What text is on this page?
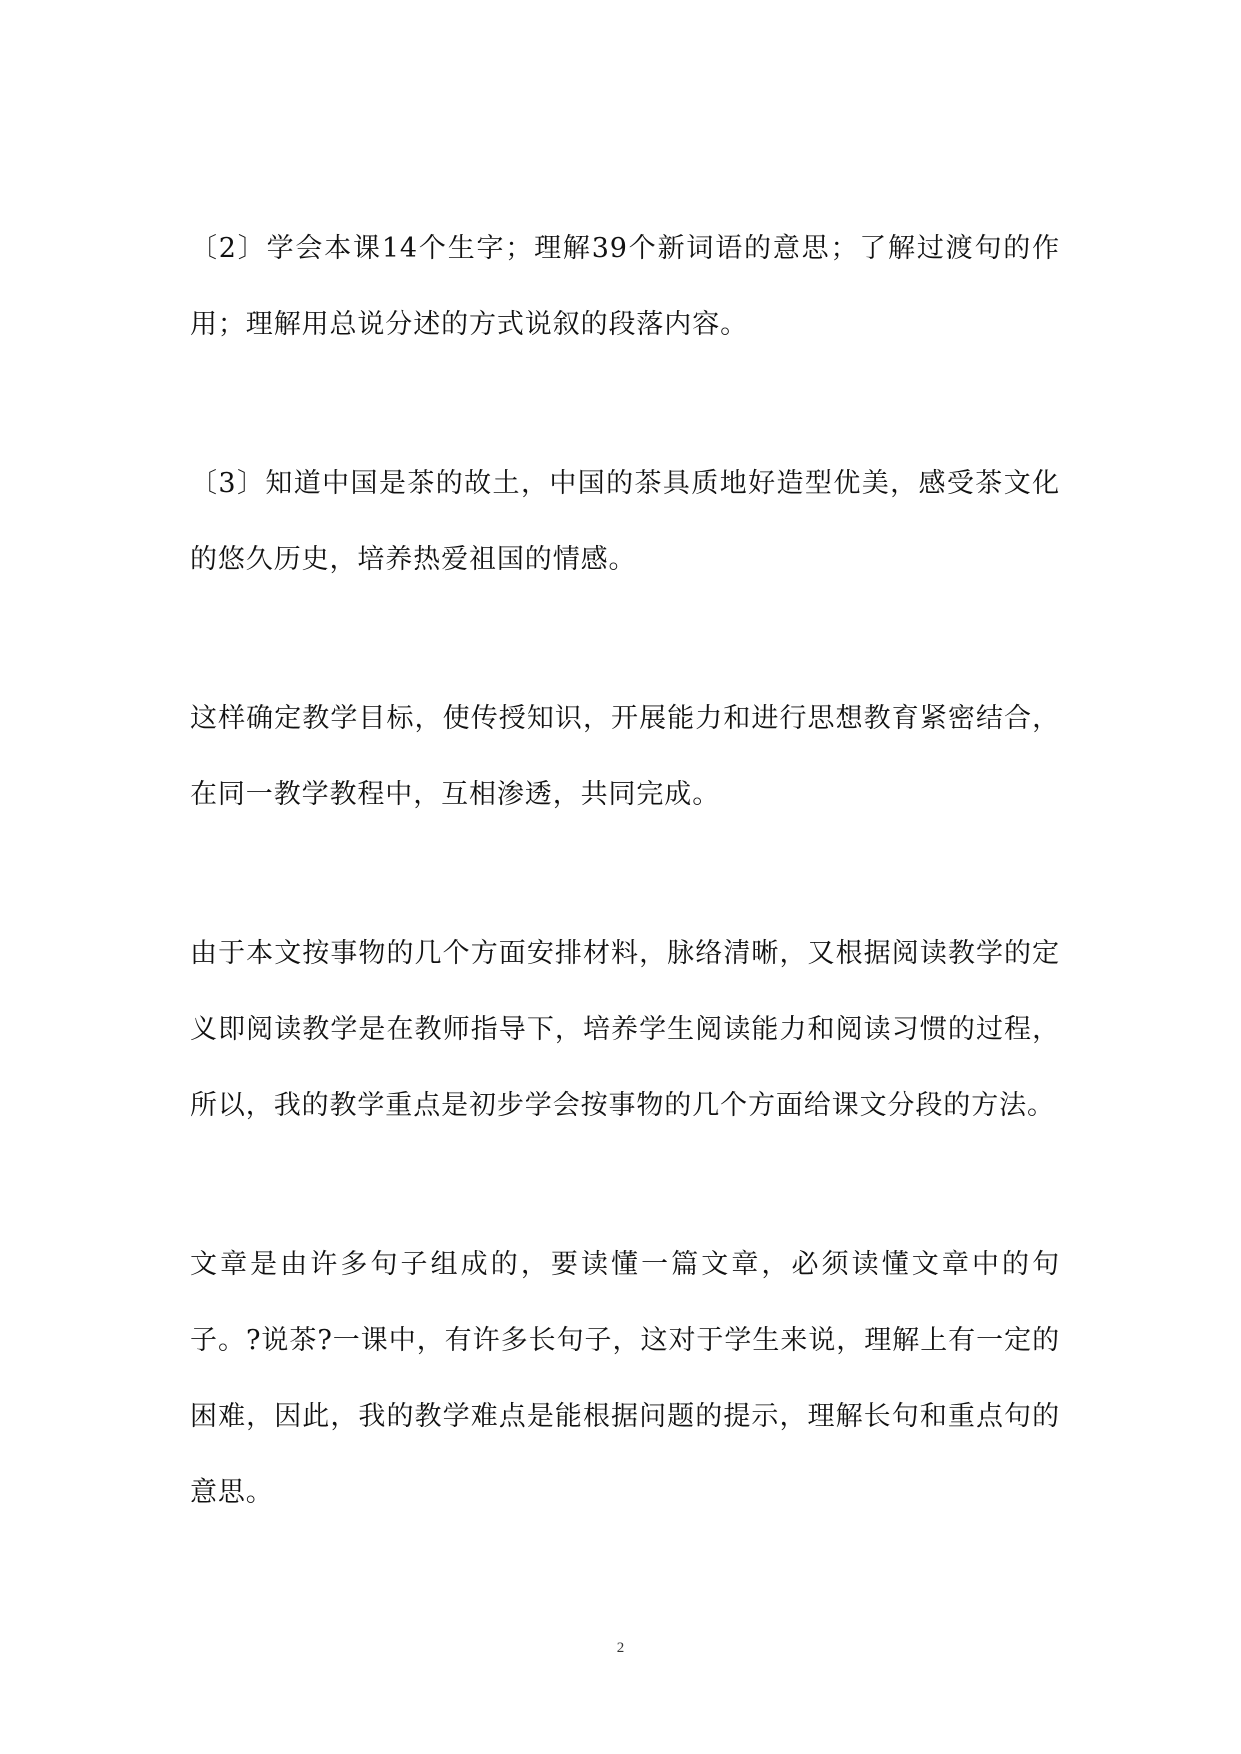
〔2〕学会本课14个生字；理解39个新词语的意思；了解过渡句的作用；理解用总说分述的方式说叙的段落内容。

〔3〕知道中国是茶的故土，中国的茶具质地好造型优美，感受茶文化的悠久历史，培养热爱祖国的情感。

这样确定教学目标，使传授知识，开展能力和进行思想教育紧密结合，在同一教学教程中，互相渗透，共同完成。

由于本文按事物的几个方面安排材料，脉络清晰，又根据阅读教学的定义即阅读教学是在教师指导下，培养学生阅读能力和阅读习惯的过程，所以，我的教学重点是初步学会按事物的几个方面给课文分段的方法。

文章是由许多句子组成的，要读懂一篇文章，必须读懂文章中的句子。?说茶?一课中，有许多长句子，这对于学生来说，理解上有一定的困难，因此，我的教学难点是能根据问题的提示，理解长句和重点句的意思。

2
